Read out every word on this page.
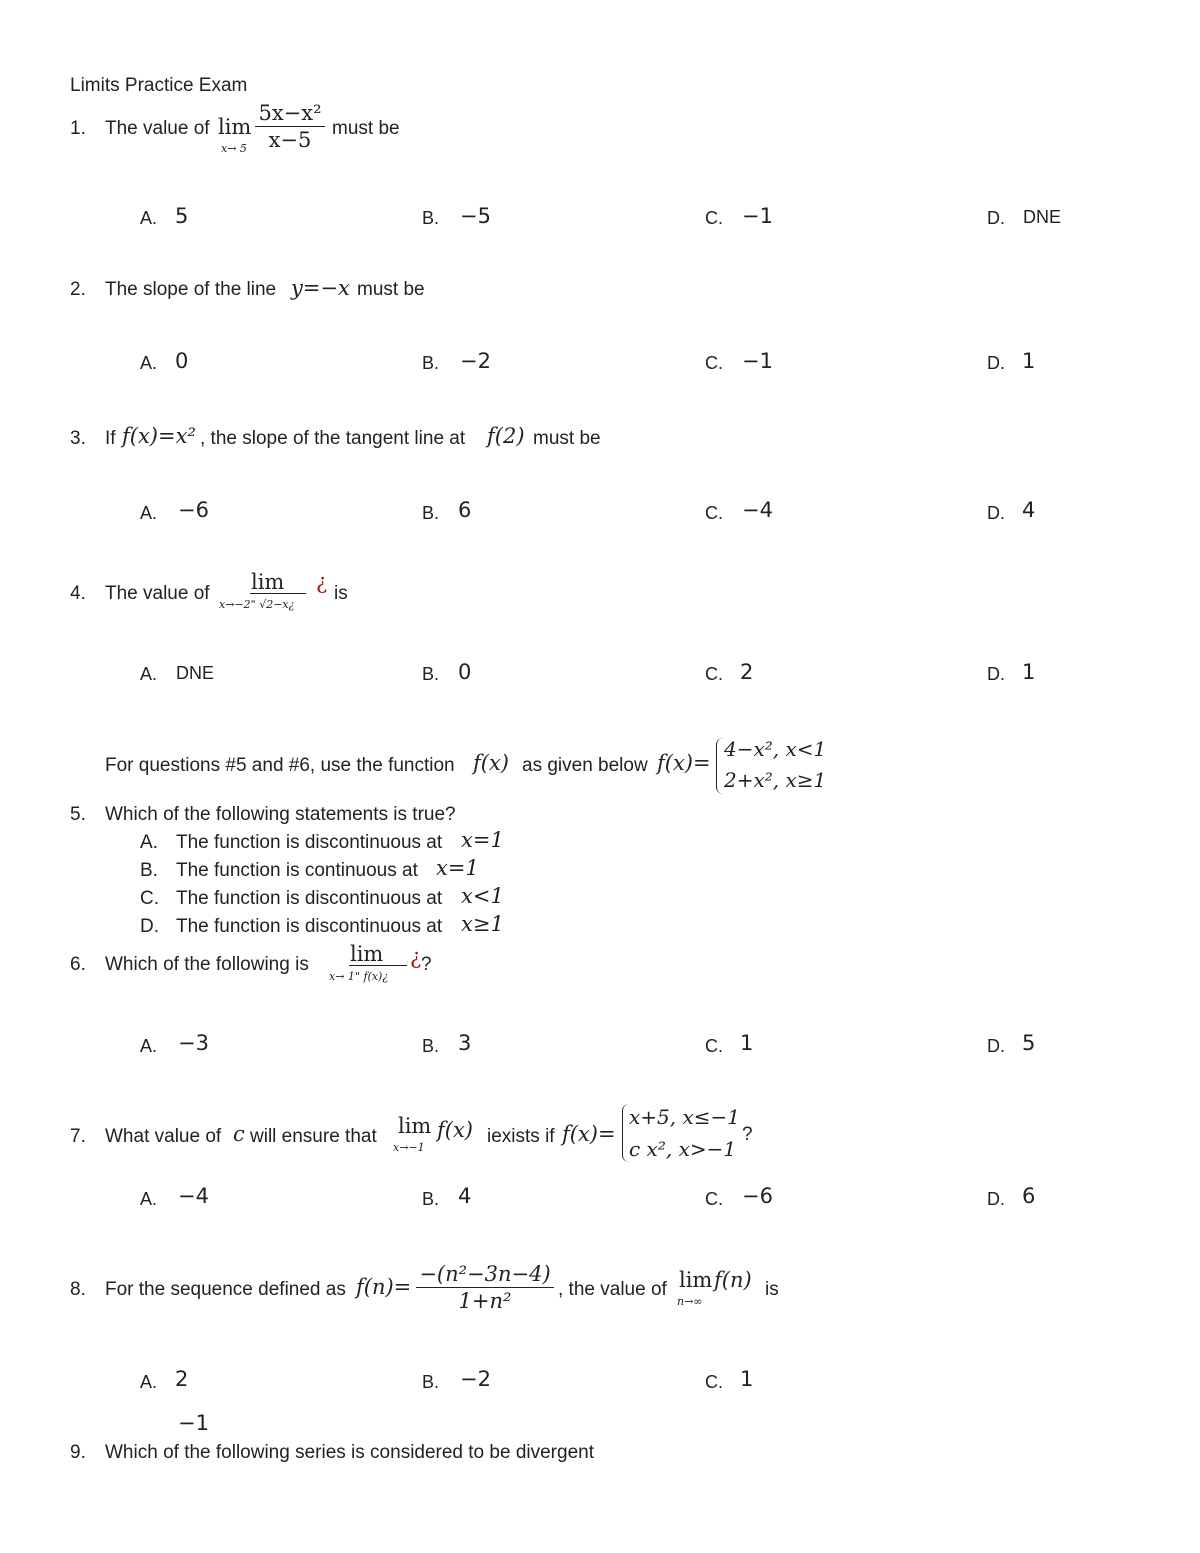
Limits Practice Exam
1. The value of lim
x→ 5
5x−x²
x−5	must be
A. 5	B. −5	C. −1	D. DNE
2. The slope of the line y=−x must be
A. 0	B. −2	C. −1	D. 1
3. If f(x)=x² , the slope of the tangent line at f(2) must be
A. −6	B. 6	C. −4	D. 4
4. The value of lim
x→−2" √2−x¿
¿ is
A. DNE	B. 0	C. 2	D. 1
For questions #5 and #6, use the function f(x) as given below f(x)=
4−x², x<1
2+x², x≥1
5. Which of the following statements is true?
A. The function is discontinuous at x=1
B. The function is continuous at x=1
C. The function is discontinuous at x<1
D. The function is discontinuous at x≥1
6. Which of the following is lim
x→ 1" f(x)¿
¿ ?
A. −3	B. 3	C. 1	D. 5
7. What value of c will ensure that lim
x→−1
f(x) iexists if f(x)=
x+5, x≤−1
c x², x>−1
?
A. −4	B. 4	C. −6	D. 6
8. For the sequence defined as f(n)=
−(n²−3n−4)
1+n²	, the value of lim
n→∞
f(n) is
A. 2	B. −2	C. 1
−1
9. Which of the following series is considered to be divergent
